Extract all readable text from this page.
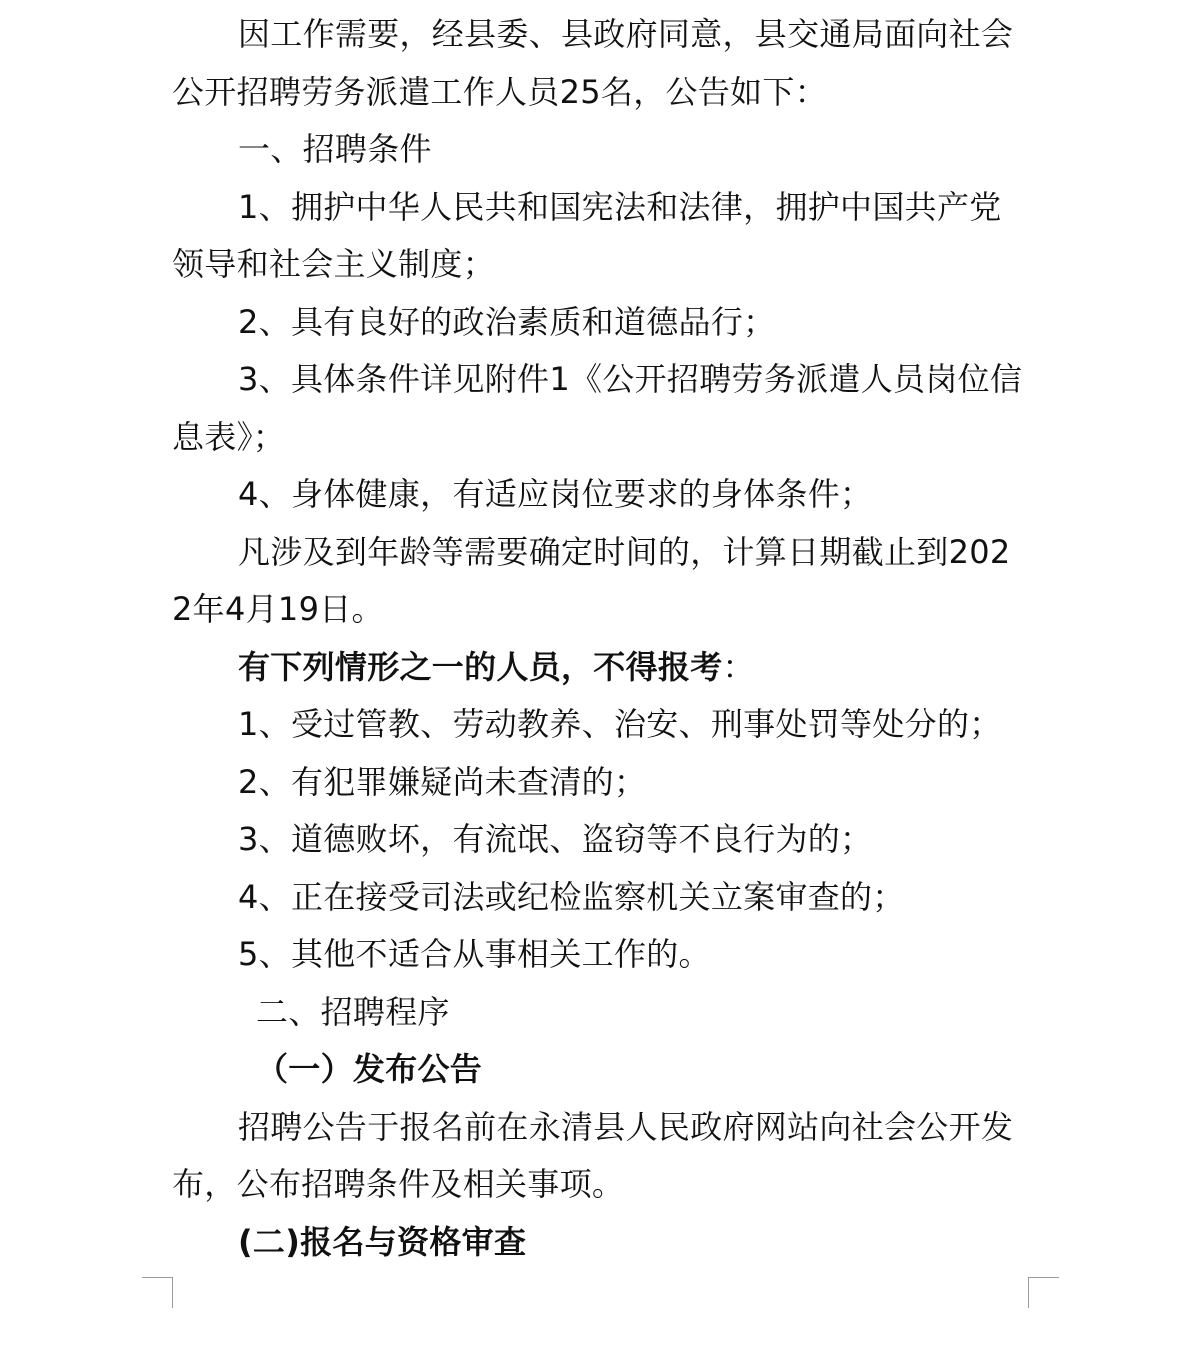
因工作需要，经县委、县政府同意，县交通局面向社会公开招聘劳务派遣工作人员25名，公告如下：

一、招聘条件

1、拥护中华人民共和国宪法和法律，拥护中国共产党领导和社会主义制度；

2、具有良好的政治素质和道德品行；

3、具体条件详见附件1《公开招聘劳务派遣人员岗位信息表》；

4、身体健康，有适应岗位要求的身体条件；

凡涉及到年龄等需要确定时间的，计算日期截止到2022年4月19日。

有下列情形之一的人员，不得报考：

1、受过管教、劳动教养、治安、刑事处罚等处分的；

2、有犯罪嫌疑尚未查清的；

3、道德败坏，有流氓、盗窃等不良行为的；

4、正在接受司法或纪检监察机关立案审查的；

5、其他不适合从事相关工作的。

二、招聘程序

（一）发布公告

招聘公告于报名前在永清县人民政府网站向社会公开发布，公布招聘条件及相关事项。

(二)报名与资格审查
